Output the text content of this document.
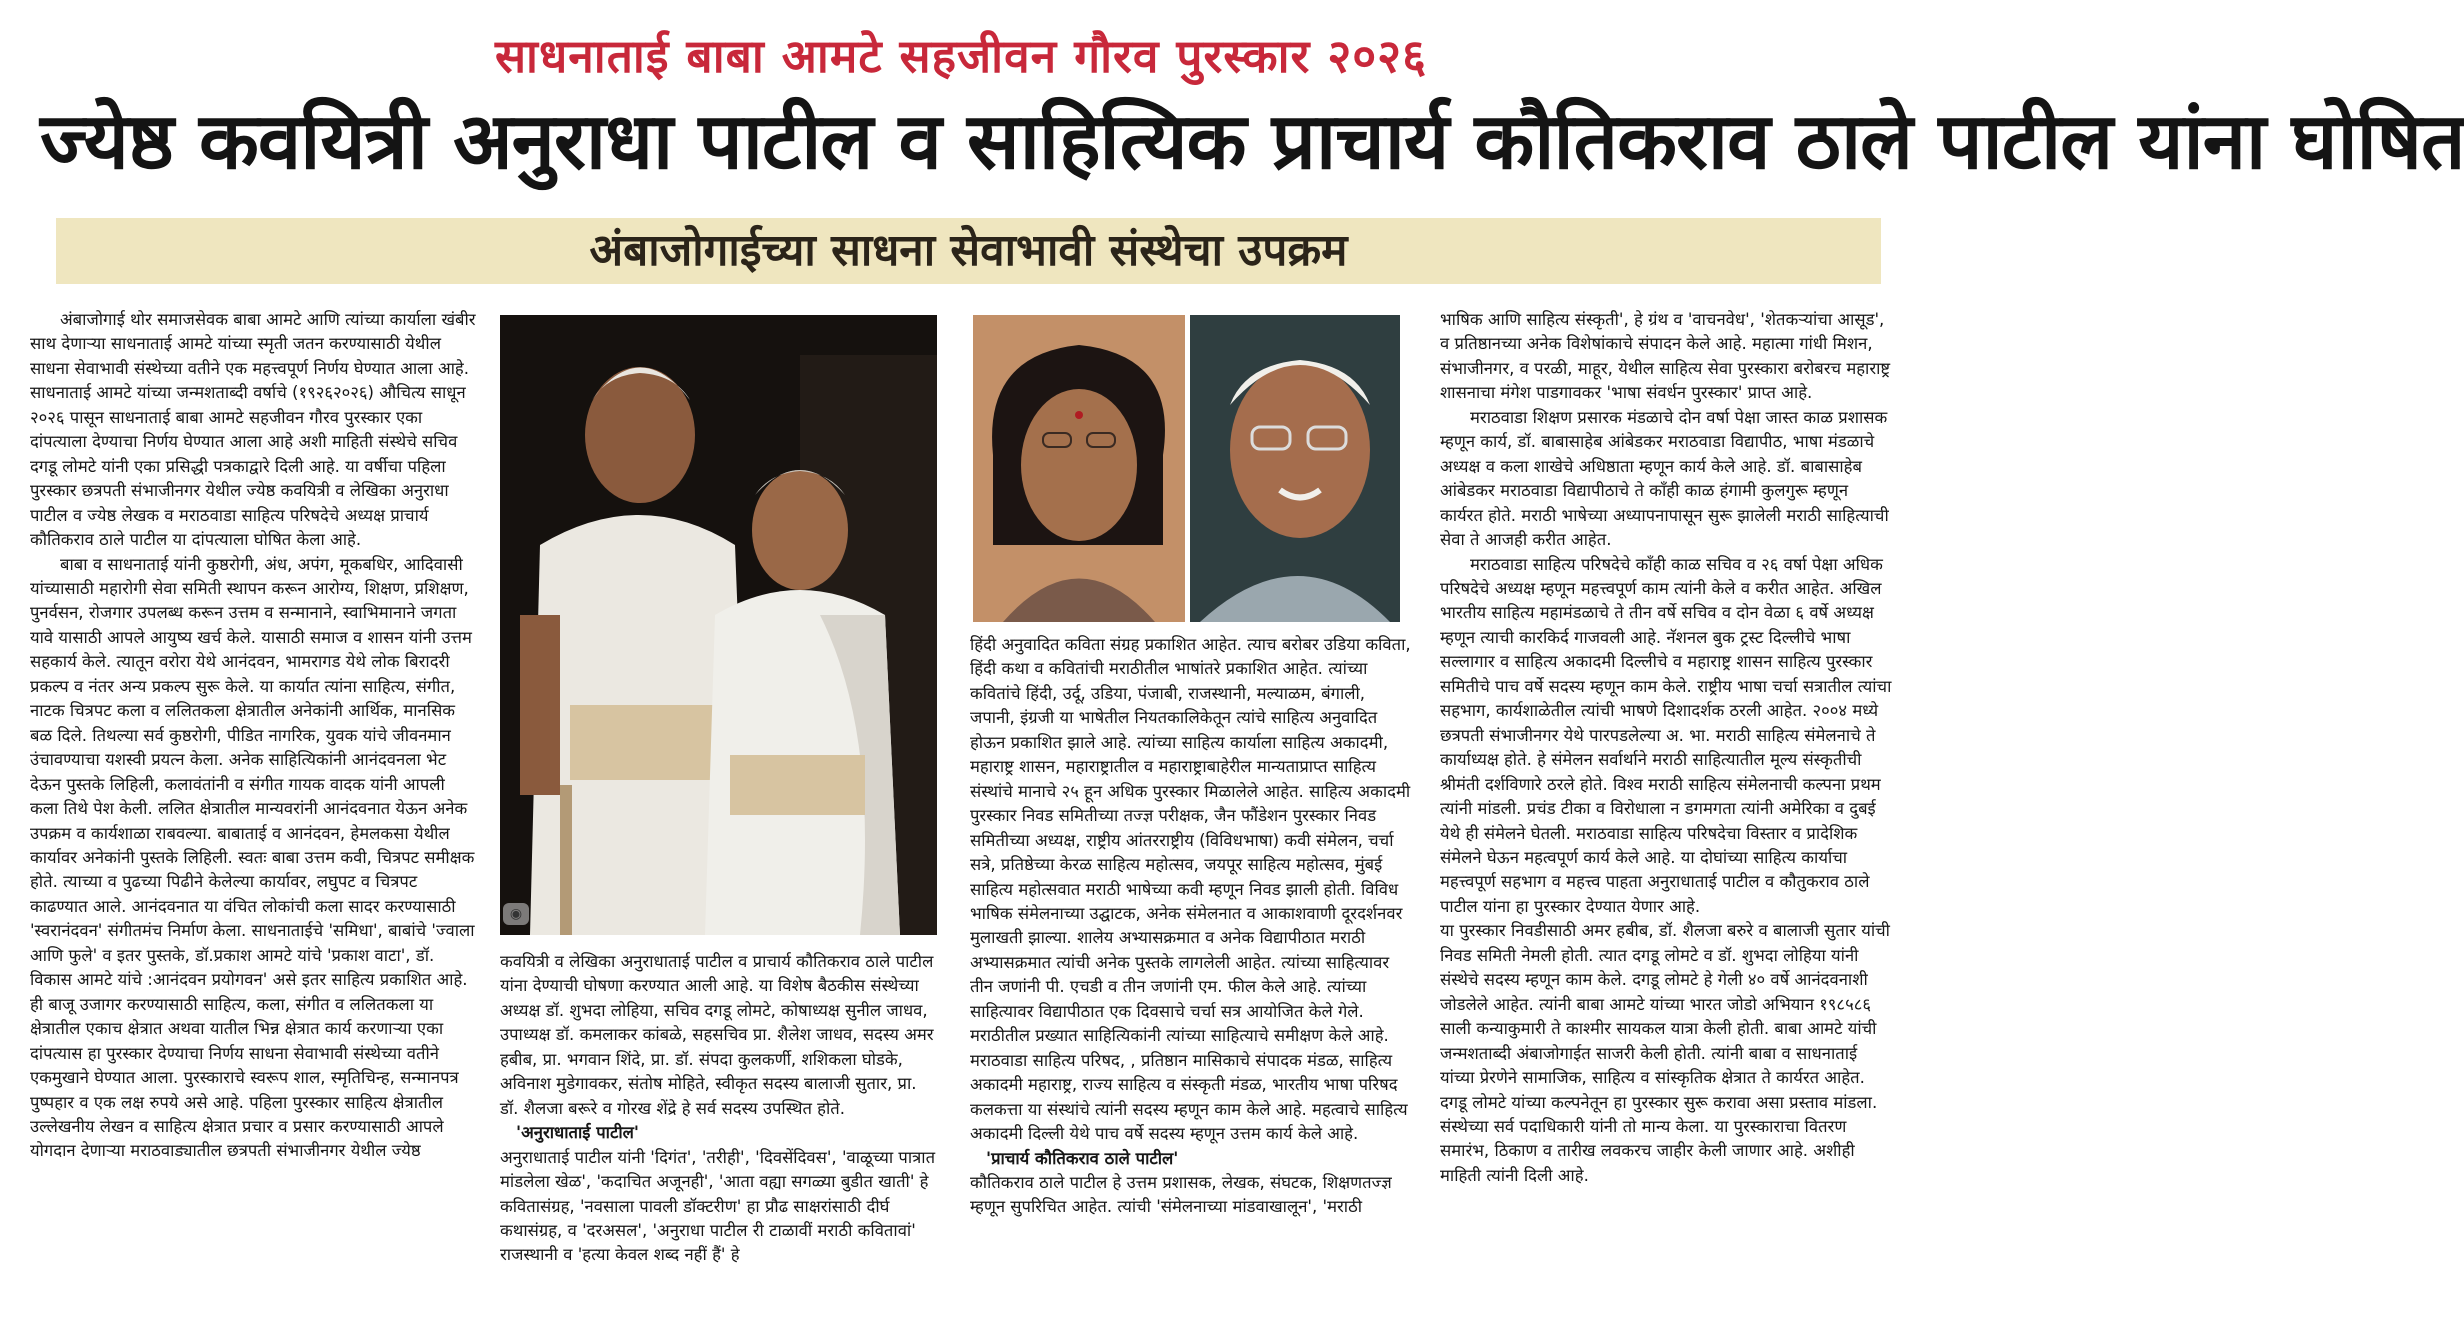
साधनाताई बाबा आमटे सहजीवन गौरव पुरस्कार २०२६
ज्येष्ठ कवयित्री अनुराधा पाटील व साहित्यिक प्राचार्य कौतिकराव ठाले पाटील यांना घोषित
अंबाजोगाईच्या साधना सेवाभावी संस्थेचा उपक्रम

अंबाजोगाई थोर समाजसेवक बाबा आमटे आणि त्यांच्या कार्याला खंबीर साथ देणाऱ्या साधनाताई आमटे यांच्या स्मृती जतन करण्यासाठी येथील साधना सेवाभावी संस्थेच्या वतीने एक महत्त्वपूर्ण निर्णय घेण्यात आला आहे. साधनाताई आमटे यांच्या जन्मशताब्दी वर्षाचे (१९२६२०२६) औचित्य साधून २०२६ पासून साधनाताई बाबा आमटे सहजीवन गौरव पुरस्कार एका दांपत्याला देण्याचा निर्णय घेण्यात आला आहे अशी माहिती संस्थेचे सचिव दगडू लोमटे यांनी एका प्रसिद्धी पत्रकाद्वारे दिली आहे. या वर्षीचा पहिला पुरस्कार छत्रपती संभाजीनगर येथील ज्येष्ठ कवयित्री व लेखिका अनुराधा पाटील व ज्येष्ठ लेखक व मराठवाडा साहित्य परिषदेचे अध्यक्ष प्राचार्य कौतिकराव ठाले पाटील या दांपत्याला घोषित केला आहे.

बाबा व साधनाताई यांनी कुष्ठरोगी, अंध, अपंग, मूकबधिर, आदिवासी यांच्यासाठी महारोगी सेवा समिती स्थापन करून आरोग्य, शिक्षण, प्रशिक्षण, पुनर्वसन, रोजगार उपलब्ध करून उत्तम व सन्मानाने, स्वाभिमानाने जगता यावे यासाठी आपले आयुष्य खर्च केले. यासाठी समाज व शासन यांनी उत्तम सहकार्य केले. त्यातून वरोरा येथे आनंदवन, भामरागड येथे लोक बिरादरी प्रकल्प व नंतर अन्य प्रकल्प सुरू केले. या कार्यात त्यांना साहित्य, संगीत, नाटक चित्रपट कला व ललितकला क्षेत्रातील अनेकांनी आर्थिक, मानसिक बळ दिले. तिथल्या सर्व कुष्ठरोगी, पीडित नागरिक, युवक यांचे जीवनमान उंचावण्याचा यशस्वी प्रयत्न केला. अनेक साहित्यिकांनी आनंदवनला भेट देऊन पुस्तके लिहिली, कलावंतांनी व संगीत गायक वादक यांनी आपली कला तिथे पेश केली. ललित क्षेत्रातील मान्यवरांनी आनंदवनात येऊन अनेक उपक्रम व कार्यशाळा राबवल्या. बाबाताई व आनंदवन, हेमलकसा येथील कार्यावर अनेकांनी पुस्तके लिहिली. स्वतः बाबा उत्तम कवी, चित्रपट समीक्षक होते. त्याच्या व पुढच्या पिढीने केलेल्या कार्यावर, लघुपट व चित्रपट काढण्यात आले. आनंदवनात या वंचित लोकांची कला सादर करण्यासाठी 'स्वरानंदवन' संगीतमंच निर्माण केला. साधनाताईचे 'समिधा', बाबांचे 'ज्वाला आणि फुले' व इतर पुस्तके, डॉ.प्रकाश आमटे यांचे 'प्रकाश वाटा', डॉ. विकास आमटे यांचे :आनंदवन प्रयोगवन' असे इतर साहित्य प्रकाशित आहे. ही बाजू उजागर करण्यासाठी साहित्य, कला, संगीत व ललितकला या क्षेत्रातील एकाच क्षेत्रात अथवा यातील भिन्न क्षेत्रात कार्य करणाऱ्या एका दांपत्यास हा पुरस्कार देण्याचा निर्णय साधना सेवाभावी संस्थेच्या वतीने एकमुखाने घेण्यात आला. पुरस्काराचे स्वरूप शाल, स्मृतिचिन्ह, सन्मानपत्र पुष्पहार व एक लक्ष रुपये असे आहे. पहिला पुरस्कार साहित्य क्षेत्रातील उल्लेखनीय लेखन व साहित्य क्षेत्रात प्रचार व प्रसार करण्यासाठी आपले योगदान देणाऱ्या मराठवाड्यातील छत्रपती संभाजीनगर येथील ज्येष्ठ

◉

कवयित्री व लेखिका अनुराधाताई पाटील व प्राचार्य कौतिकराव ठाले पाटील यांना देण्याची घोषणा करण्यात आली आहे. या विशेष बैठकीस संस्थेच्या अध्यक्ष डॉ. शुभदा लोहिया, सचिव दगडू लोमटे, कोषाध्यक्ष सुनील जाधव, उपाध्यक्ष डॉ. कमलाकर कांबळे, सहसचिव प्रा. शैलेश जाधव, सदस्य अमर हबीब, प्रा. भगवान शिंदे, प्रा. डॉ. संपदा कुलकर्णी, शशिकला घोडके, अविनाश मुडेगावकर, संतोष मोहिते, स्वीकृत सदस्य बालाजी सुतार, प्रा. डॉ. शैलजा बरूरे व गोरख शेंद्रे हे सर्व सदस्य उपस्थित होते.

'अनुराधाताई पाटील'

अनुराधाताई पाटील यांनी 'दिगंत', 'तरीही', 'दिवसेंदिवस', 'वाळूच्या पात्रात मांडलेला खेळ', 'कदाचित अजूनही', 'आता वह्या सगळ्या बुडीत खाती' हे कवितासंग्रह, 'नवसाला पावली डॉक्टरीण' हा प्रौढ साक्षरांसाठी दीर्घ कथासंग्रह, व 'दरअसल', 'अनुराधा पाटील री टाळावीं मराठी कवितावां' राजस्थानी व 'हत्या केवल शब्द नहीं हैं' हे

हिंदी अनुवादित कविता संग्रह प्रकाशित आहेत. त्याच बरोबर उडिया कविता, हिंदी कथा व कवितांची मराठीतील भाषांतरे प्रकाशित आहेत. त्यांच्या कवितांचे हिंदी, उर्दू, उडिया, पंजाबी, राजस्थानी, मल्याळम, बंगाली, जपानी, इंग्रजी या भाषेतील नियतकालिकेतून त्यांचे साहित्य अनुवादित होऊन प्रकाशित झाले आहे. त्यांच्या साहित्य कार्याला साहित्य अकादमी, महाराष्ट्र शासन, महाराष्ट्रातील व महाराष्ट्राबाहेरील मान्यताप्राप्त साहित्य संस्थांचे मानाचे २५ हून अधिक पुरस्कार मिळालेले आहेत. साहित्य अकादमी पुरस्कार निवड समितीच्या तज्ज्ञ परीक्षक, जैन फौंडेशन पुरस्कार निवड समितीच्या अध्यक्ष, राष्ट्रीय आंतरराष्ट्रीय (विविधभाषा) कवी संमेलन, चर्चा सत्रे, प्रतिष्ठेच्या केरळ साहित्य महोत्सव, जयपूर साहित्य महोत्सव, मुंबई साहित्य महोत्सवात मराठी भाषेच्या कवी म्हणून निवड झाली होती. विविध भाषिक संमेलनाच्या उद्घाटक, अनेक संमेलनात व आकाशवाणी दूरदर्शनवर मुलाखती झाल्या. शालेय अभ्यासक्रमात व अनेक विद्यापीठात मराठी अभ्यासक्रमात त्यांची अनेक पुस्तके लागलेली आहेत. त्यांच्या साहित्यावर तीन जणांनी पी. एचडी व तीन जणांनी एम. फील केले आहे. त्यांच्या साहित्यावर विद्यापीठात एक दिवसाचे चर्चा सत्र आयोजित केले गेले. मराठीतील प्रख्यात साहित्यिकांनी त्यांच्या साहित्याचे समीक्षण केले आहे. मराठवाडा साहित्य परिषद, , प्रतिष्ठान मासिकाचे संपादक मंडळ, साहित्य अकादमी महाराष्ट्र, राज्य साहित्य व संस्कृती मंडळ, भारतीय भाषा परिषद कलकत्ता या संस्थांचे त्यांनी सदस्य म्हणून काम केले आहे. महत्वाचे साहित्य अकादमी दिल्ली येथे पाच वर्षे सदस्य म्हणून उत्तम कार्य केले आहे.

'प्राचार्य कौतिकराव ठाले पाटील'

कौतिकराव ठाले पाटील हे उत्तम प्रशासक, लेखक, संघटक, शिक्षणतज्ज्ञ म्हणून सुपरिचित आहेत. त्यांची 'संमेलनाच्या मांडवाखालून', 'मराठी

भाषिक आणि साहित्य संस्कृती', हे ग्रंथ व 'वाचनवेध', 'शेतकऱ्यांचा आसूड', व प्रतिष्ठानच्या अनेक विशेषांकाचे संपादन केले आहे. महात्मा गांधी मिशन, संभाजीनगर, व परळी, माहूर, येथील साहित्य सेवा पुरस्कारा बरोबरच महाराष्ट्र शासनाचा मंगेश पाडगावकर 'भाषा संवर्धन पुरस्कार' प्राप्त आहे.

मराठवाडा शिक्षण प्रसारक मंडळाचे दोन वर्षा पेक्षा जास्त काळ प्रशासक म्हणून कार्य, डॉ. बाबासाहेब आंबेडकर मराठवाडा विद्यापीठ, भाषा मंडळाचे अध्यक्ष व कला शाखेचे अधिष्ठाता म्हणून कार्य केले आहे. डॉ. बाबासाहेब आंबेडकर मराठवाडा विद्यापीठाचे ते काँही काळ हंगामी कुलगुरू म्हणून कार्यरत होते. मराठी भाषेच्या अध्यापनापासून सुरू झालेली मराठी साहित्याची सेवा ते आजही करीत आहेत.

मराठवाडा साहित्य परिषदेचे काँही काळ सचिव व २६ वर्षा पेक्षा अधिक परिषदेचे अध्यक्ष म्हणून महत्त्वपूर्ण काम त्यांनी केले व करीत आहेत. अखिल भारतीय साहित्य महामंडळाचे ते तीन वर्षे सचिव व दोन वेळा ६ वर्षे अध्यक्ष म्हणून त्याची कारकिर्द गाजवली आहे. नॅशनल बुक ट्रस्ट दिल्लीचे भाषा सल्लागार व साहित्य अकादमी दिल्लीचे व महाराष्ट्र शासन साहित्य पुरस्कार समितीचे पाच वर्षे सदस्य म्हणून काम केले. राष्ट्रीय भाषा चर्चा सत्रातील त्यांचा सहभाग, कार्यशाळेतील त्यांची भाषणे दिशादर्शक ठरली आहेत. २००४ मध्ये छत्रपती संभाजीनगर येथे पारपडलेल्या अ. भा. मराठी साहित्य संमेलनाचे ते कार्याध्यक्ष होते. हे संमेलन सर्वार्थाने मराठी साहित्यातील मूल्य संस्कृतीची श्रीमंती दर्शविणारे ठरले होते. विश्व मराठी साहित्य संमेलनाची कल्पना प्रथम त्यांनी मांडली. प्रचंड टीका व विरोधाला न डगमगता त्यांनी अमेरिका व दुबई येथे ही संमेलने घेतली. मराठवाडा साहित्य परिषदेचा विस्तार व प्रादेशिक संमेलने घेऊन महत्वपूर्ण कार्य केले आहे. या दोघांच्या साहित्य कार्याचा महत्त्वपूर्ण सहभाग व महत्त्व पाहता अनुराधाताई पाटील व कौतुकराव ठाले पाटील यांना हा पुरस्कार देण्यात येणार आहे.

या पुरस्कार निवडीसाठी अमर हबीब, डॉ. शैलजा बरुरे व बालाजी सुतार यांची निवड समिती नेमली होती. त्यात दगडू लोमटे व डॉ. शुभदा लोहिया यांनी संस्थेचे सदस्य म्हणून काम केले. दगडू लोमटे हे गेली ४० वर्षे आनंदवनाशी जोडलेले आहेत. त्यांनी बाबा आमटे यांच्या भारत जोडो अभियान १९८५८६ साली कन्याकुमारी ते काश्मीर सायकल यात्रा केली होती. बाबा आमटे यांची जन्मशताब्दी अंबाजोगाईत साजरी केली होती. त्यांनी बाबा व साधनाताई यांच्या प्रेरणेने सामाजिक, साहित्य व सांस्कृतिक क्षेत्रात ते कार्यरत आहेत. दगडू लोमटे यांच्या कल्पनेतून हा पुरस्कार सुरू करावा असा प्रस्ताव मांडला. संस्थेच्या सर्व पदाधिकारी यांनी तो मान्य केला. या पुरस्काराचा वितरण समारंभ, ठिकाण व तारीख लवकरच जाहीर केली जाणार आहे. अशीही माहिती त्यांनी दिली आहे.
